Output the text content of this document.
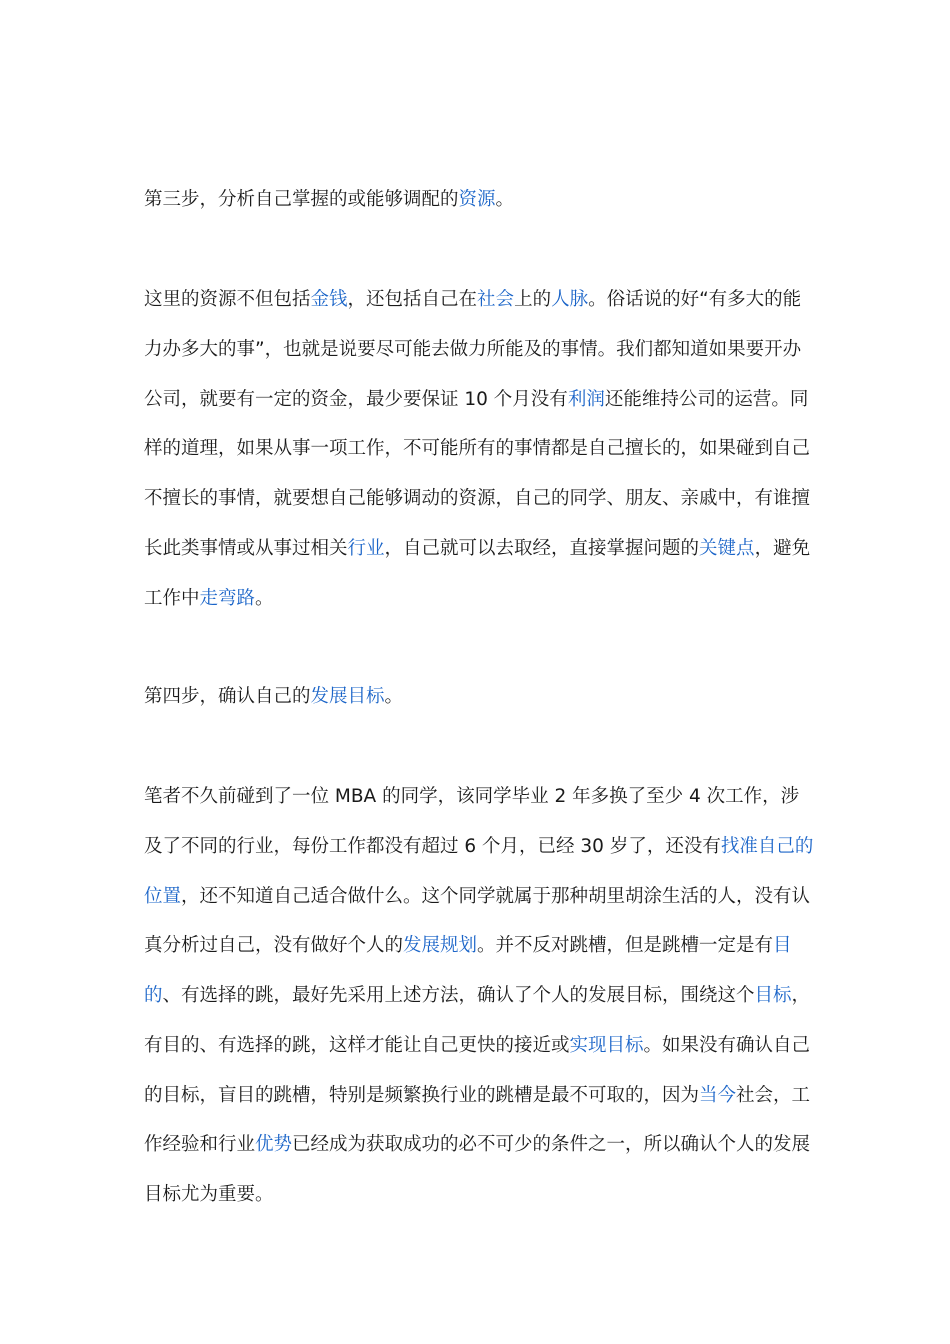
第三步，分析自己掌握的或能够调配的资源。

这里的资源不但包括金钱，还包括自己在社会上的人脉。俗话说的好“有多大的能力办多大的事”，也就是说要尽可能去做力所能及的事情。我们都知道如果要开办公司，就要有一定的资金，最少要保证 10 个月没有利润还能维持公司的运营。同样的道理，如果从事一项工作，不可能所有的事情都是自己擅长的，如果碰到自己不擅长的事情，就要想自己能够调动的资源，自己的同学、朋友、亲戚中，有谁擅长此类事情或从事过相关行业，自己就可以去取经，直接掌握问题的关键点，避免工作中走弯路。

第四步，确认自己的发展目标。

笔者不久前碰到了一位 MBA 的同学，该同学毕业 2 年多换了至少 4 次工作，涉及了不同的行业，每份工作都没有超过 6 个月，已经 30 岁了，还没有找准自己的位置，还不知道自己适合做什么。这个同学就属于那种胡里胡涂生活的人，没有认真分析过自己，没有做好个人的发展规划。并不反对跳槽，但是跳槽一定是有目的、有选择的跳，最好先采用上述方法，确认了个人的发展目标，围绕这个目标，有目的、有选择的跳，这样才能让自己更快的接近或实现目标。如果没有确认自己的目标，盲目的跳槽，特别是频繁换行业的跳槽是最不可取的，因为当今社会，工作经验和行业优势已经成为获取成功的必不可少的条件之一，所以确认个人的发展目标尤为重要。
